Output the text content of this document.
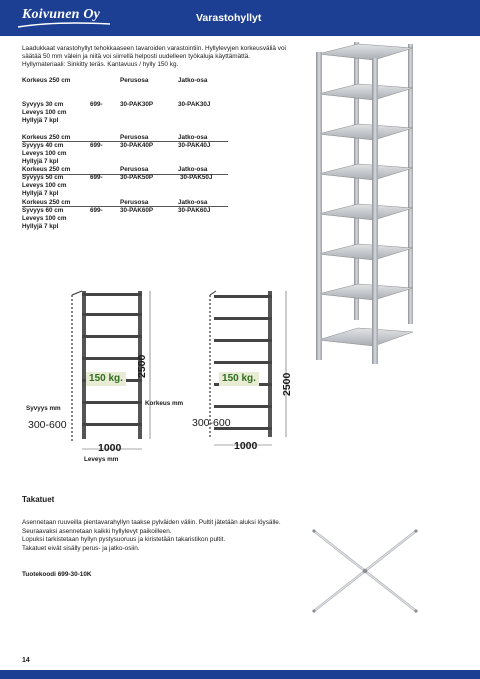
Koivunen Oy	Varastohyllyt

Laadukkaat varastohyllyt tehokkaaseen tavaroiden varastointiin. Hyllylevyjen korkeusväliä voi

säätää 50 mm välein ja niitä voi siirrellä helposti uudelleen työkaluja käyttämättä.

Hyllymateriaali: Sinkitty teräs. Kantavuus / hylly 150 kg.

Korkeus 250 cm	Perusosa	Jatko-osa
Syvyys 30 cm	699-	30-PAK30P	30-PAK30J
Leveys 100 cm
Hyllyjä 7 kpl
Korkeus 250 cm	Perusosa	Jatko-osa
Syvyys 40 cm	699-	30-PAK40P	30-PAK40J
Leveys 100 cm
Hyllyjä 7 kpl
Korkeus 250 cm	Perusosa	Jatko-osa
Syvyys 50 cm	699-	30-PAK50P	30-PAK50J
Leveys 100 cm
Hyllyjä 7 kpl
Korkeus 250 cm	Perusosa	Jatko-osa
Syvyys 60 cm	699-	30-PAK60P	30-PAK60J
Leveys 100 cm
Hyllyjä 7 kpl
150 kg.
2500
Korkeus mm
Syvyys mm
300-600
1000
Leveys mm
150 kg. 2500
300-600
1000
Takatuet

Asennetaan ruuveilla pientavarahyllyn taakse pylväiden väliin. Pultit jätetään aluksi löysälle.

Seuraavaksi asennetaan kaikki hyllylevyt paikoilleen.

Lopuksi tarkistetaan hyllyn pystysuoruus ja kiristetään takaristikon pultit.

Takatuet eivät sisälly perus- ja jatko-osiin.

Tuotekoodi 699-30-10K
14
